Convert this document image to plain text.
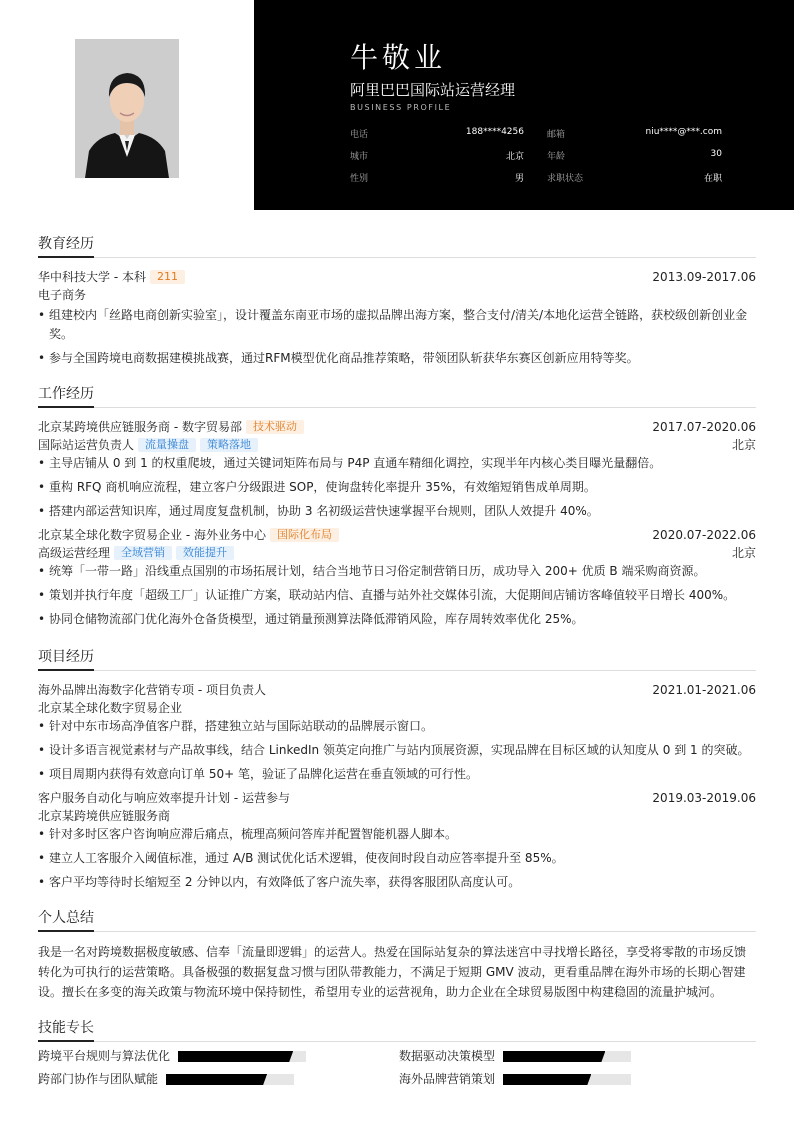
牛敬业
阿里巴巴国际站运营经理
BUSINESS PROFILE
电话	188****4256	邮箱	niu****@***.com
城市	北京	年龄	30
性别	男	求职状态	在职
教育经历
华中科技大学 - 本科 211	2013.09-2017.06
电子商务
• 组建校内「丝路电商创新实验室」，设计覆盖东南亚市场的虚拟品牌出海方案，整合支付/清关/本地化运营全链路，获校级创新创业金奖。
• 参与全国跨境电商数据建模挑战赛，通过RFM模型优化商品推荐策略，带领团队斩获华东赛区创新应用特等奖。
工作经历
北京某跨境供应链服务商 - 数字贸易部 技术驱动	2017.07-2020.06
国际站运营负责人 流量操盘 策略落地	北京
• 主导店铺从 0 到 1 的权重爬坡，通过关键词矩阵布局与 P4P 直通车精细化调控，实现半年内核心类目曝光量翻倍。
• 重构 RFQ 商机响应流程，建立客户分级跟进 SOP，使询盘转化率提升 35%，有效缩短销售成单周期。
• 搭建内部运营知识库，通过周度复盘机制，协助 3 名初级运营快速掌握平台规则，团队人效提升 40%。
北京某全球化数字贸易企业 - 海外业务中心 国际化布局	2020.07-2022.06
高级运营经理 全域营销 效能提升	北京
• 统筹「一带一路」沿线重点国别的市场拓展计划，结合当地节日习俗定制营销日历，成功导入 200+ 优质 B 端采购商资源。
• 策划并执行年度「超级工厂」认证推广方案，联动站内信、直播与站外社交媒体引流，大促期间店铺访客峰值较平日增长 400%。
• 协同仓储物流部门优化海外仓备货模型，通过销量预测算法降低滞销风险，库存周转效率优化 25%。
项目经历
海外品牌出海数字化营销专项 - 项目负责人	2021.01-2021.06
北京某全球化数字贸易企业
• 针对中东市场高净值客户群，搭建独立站与国际站联动的品牌展示窗口。
• 设计多语言视觉素材与产品故事线，结合 LinkedIn 领英定向推广与站内顶展资源，实现品牌在目标区域的认知度从 0 到 1 的突破。
• 项目周期内获得有效意向订单 50+ 笔，验证了品牌化运营在垂直领域的可行性。
客户服务自动化与响应效率提升计划 - 运营参与	2019.03-2019.06
北京某跨境供应链服务商
• 针对多时区客户咨询响应滞后痛点，梳理高频问答库并配置智能机器人脚本。
• 建立人工客服介入阈值标准，通过 A/B 测试优化话术逻辑，使夜间时段自动应答率提升至 85%。
• 客户平均等待时长缩短至 2 分钟以内，有效降低了客户流失率，获得客服团队高度认可。
个人总结

我是一名对跨境数据极度敏感、信奉「流量即逻辑」的运营人。热爱在国际站复杂的算法迷宫中寻找增长路径，享受将零散的市场反馈转化为可执行的运营策略。具备极强的数据复盘习惯与团队带教能力，不满足于短期 GMV 波动，更看重品牌在海外市场的长期心智建设。擅长在多变的海关政策与物流环境中保持韧性，希望用专业的运营视角，助力企业在全球贸易版图中构建稳固的流量护城河。

技能专长
跨境平台规则与算法优化	数据驱动决策模型
跨部门协作与团队赋能	海外品牌营销策划
